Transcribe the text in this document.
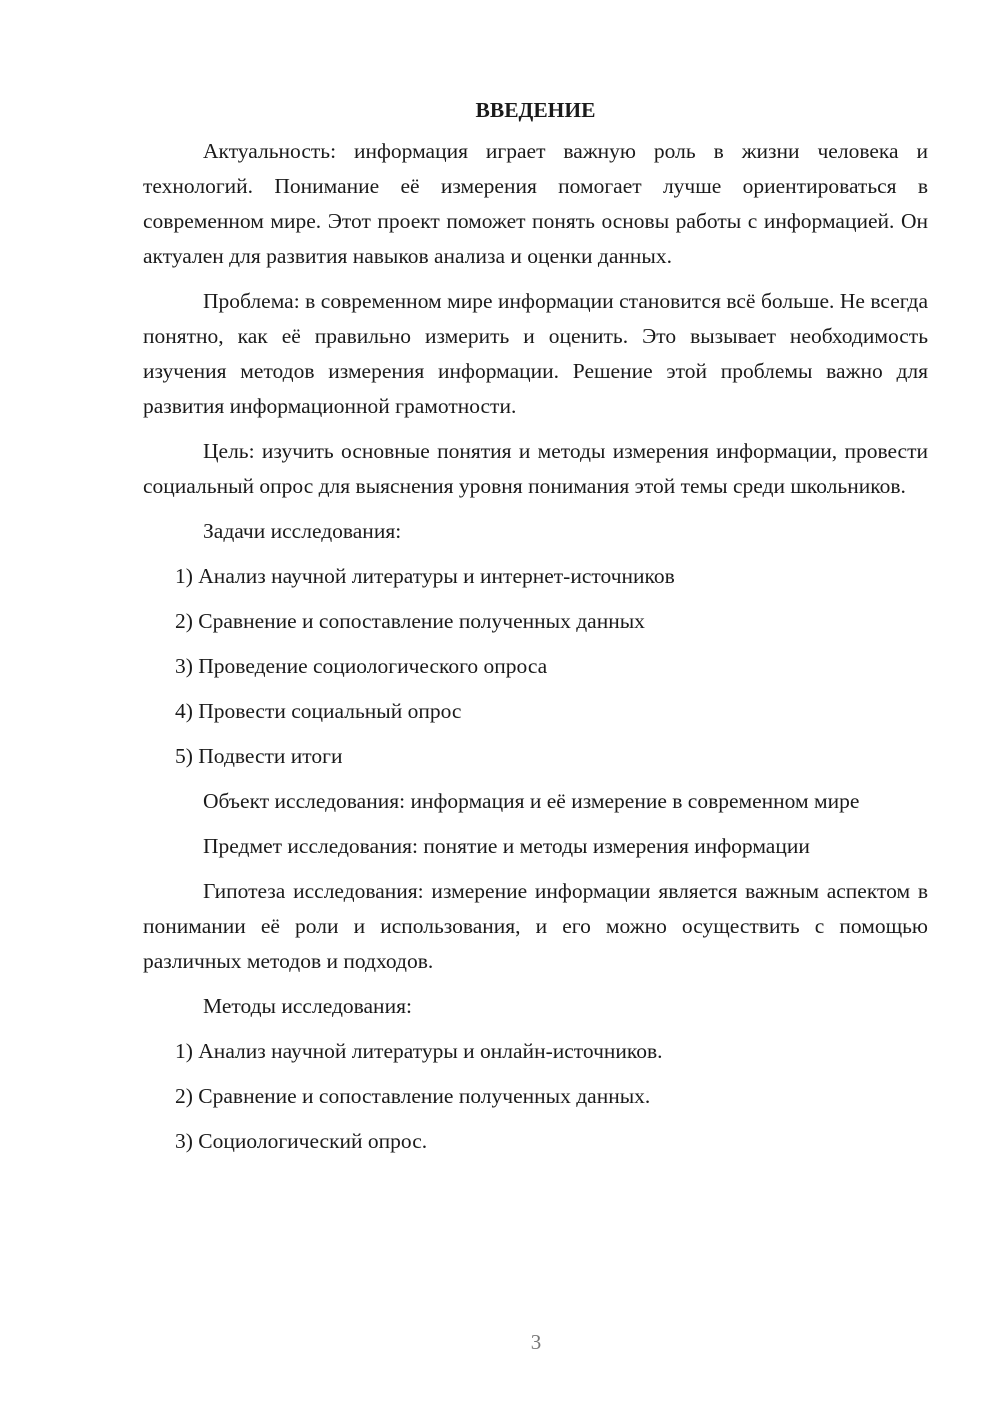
ВВЕДЕНИЕ

Актуальность: информация играет важную роль в жизни человека и технологий. Понимание её измерения помогает лучше ориентироваться в современном мире. Этот проект поможет понять основы работы с информацией. Он актуален для развития навыков анализа и оценки данных.

Проблема: в современном мире информации становится всё больше. Не всегда понятно, как её правильно измерить и оценить. Это вызывает необходимость изучения методов измерения информации. Решение этой проблемы важно для развития информационной грамотности.

Цель: изучить основные понятия и методы измерения информации, провести социальный опрос для выяснения уровня понимания этой темы среди школьников.

Задачи исследования:

1) Анализ научной литературы и интернет-источников
2) Сравнение и сопоставление полученных данных
3) Проведение социологического опроса
4) Провести социальный опрос
5) Подвести итоги

Объект исследования: информация и её измерение в современном мире

Предмет исследования: понятие и методы измерения информации

Гипотеза исследования: измерение информации является важным аспектом в понимании её роли и использования, и его можно осуществить с помощью различных методов и подходов.

Методы исследования:

1) Анализ научной литературы и онлайн-источников.
2) Сравнение и сопоставление полученных данных.
3) Социологический опрос.
3
